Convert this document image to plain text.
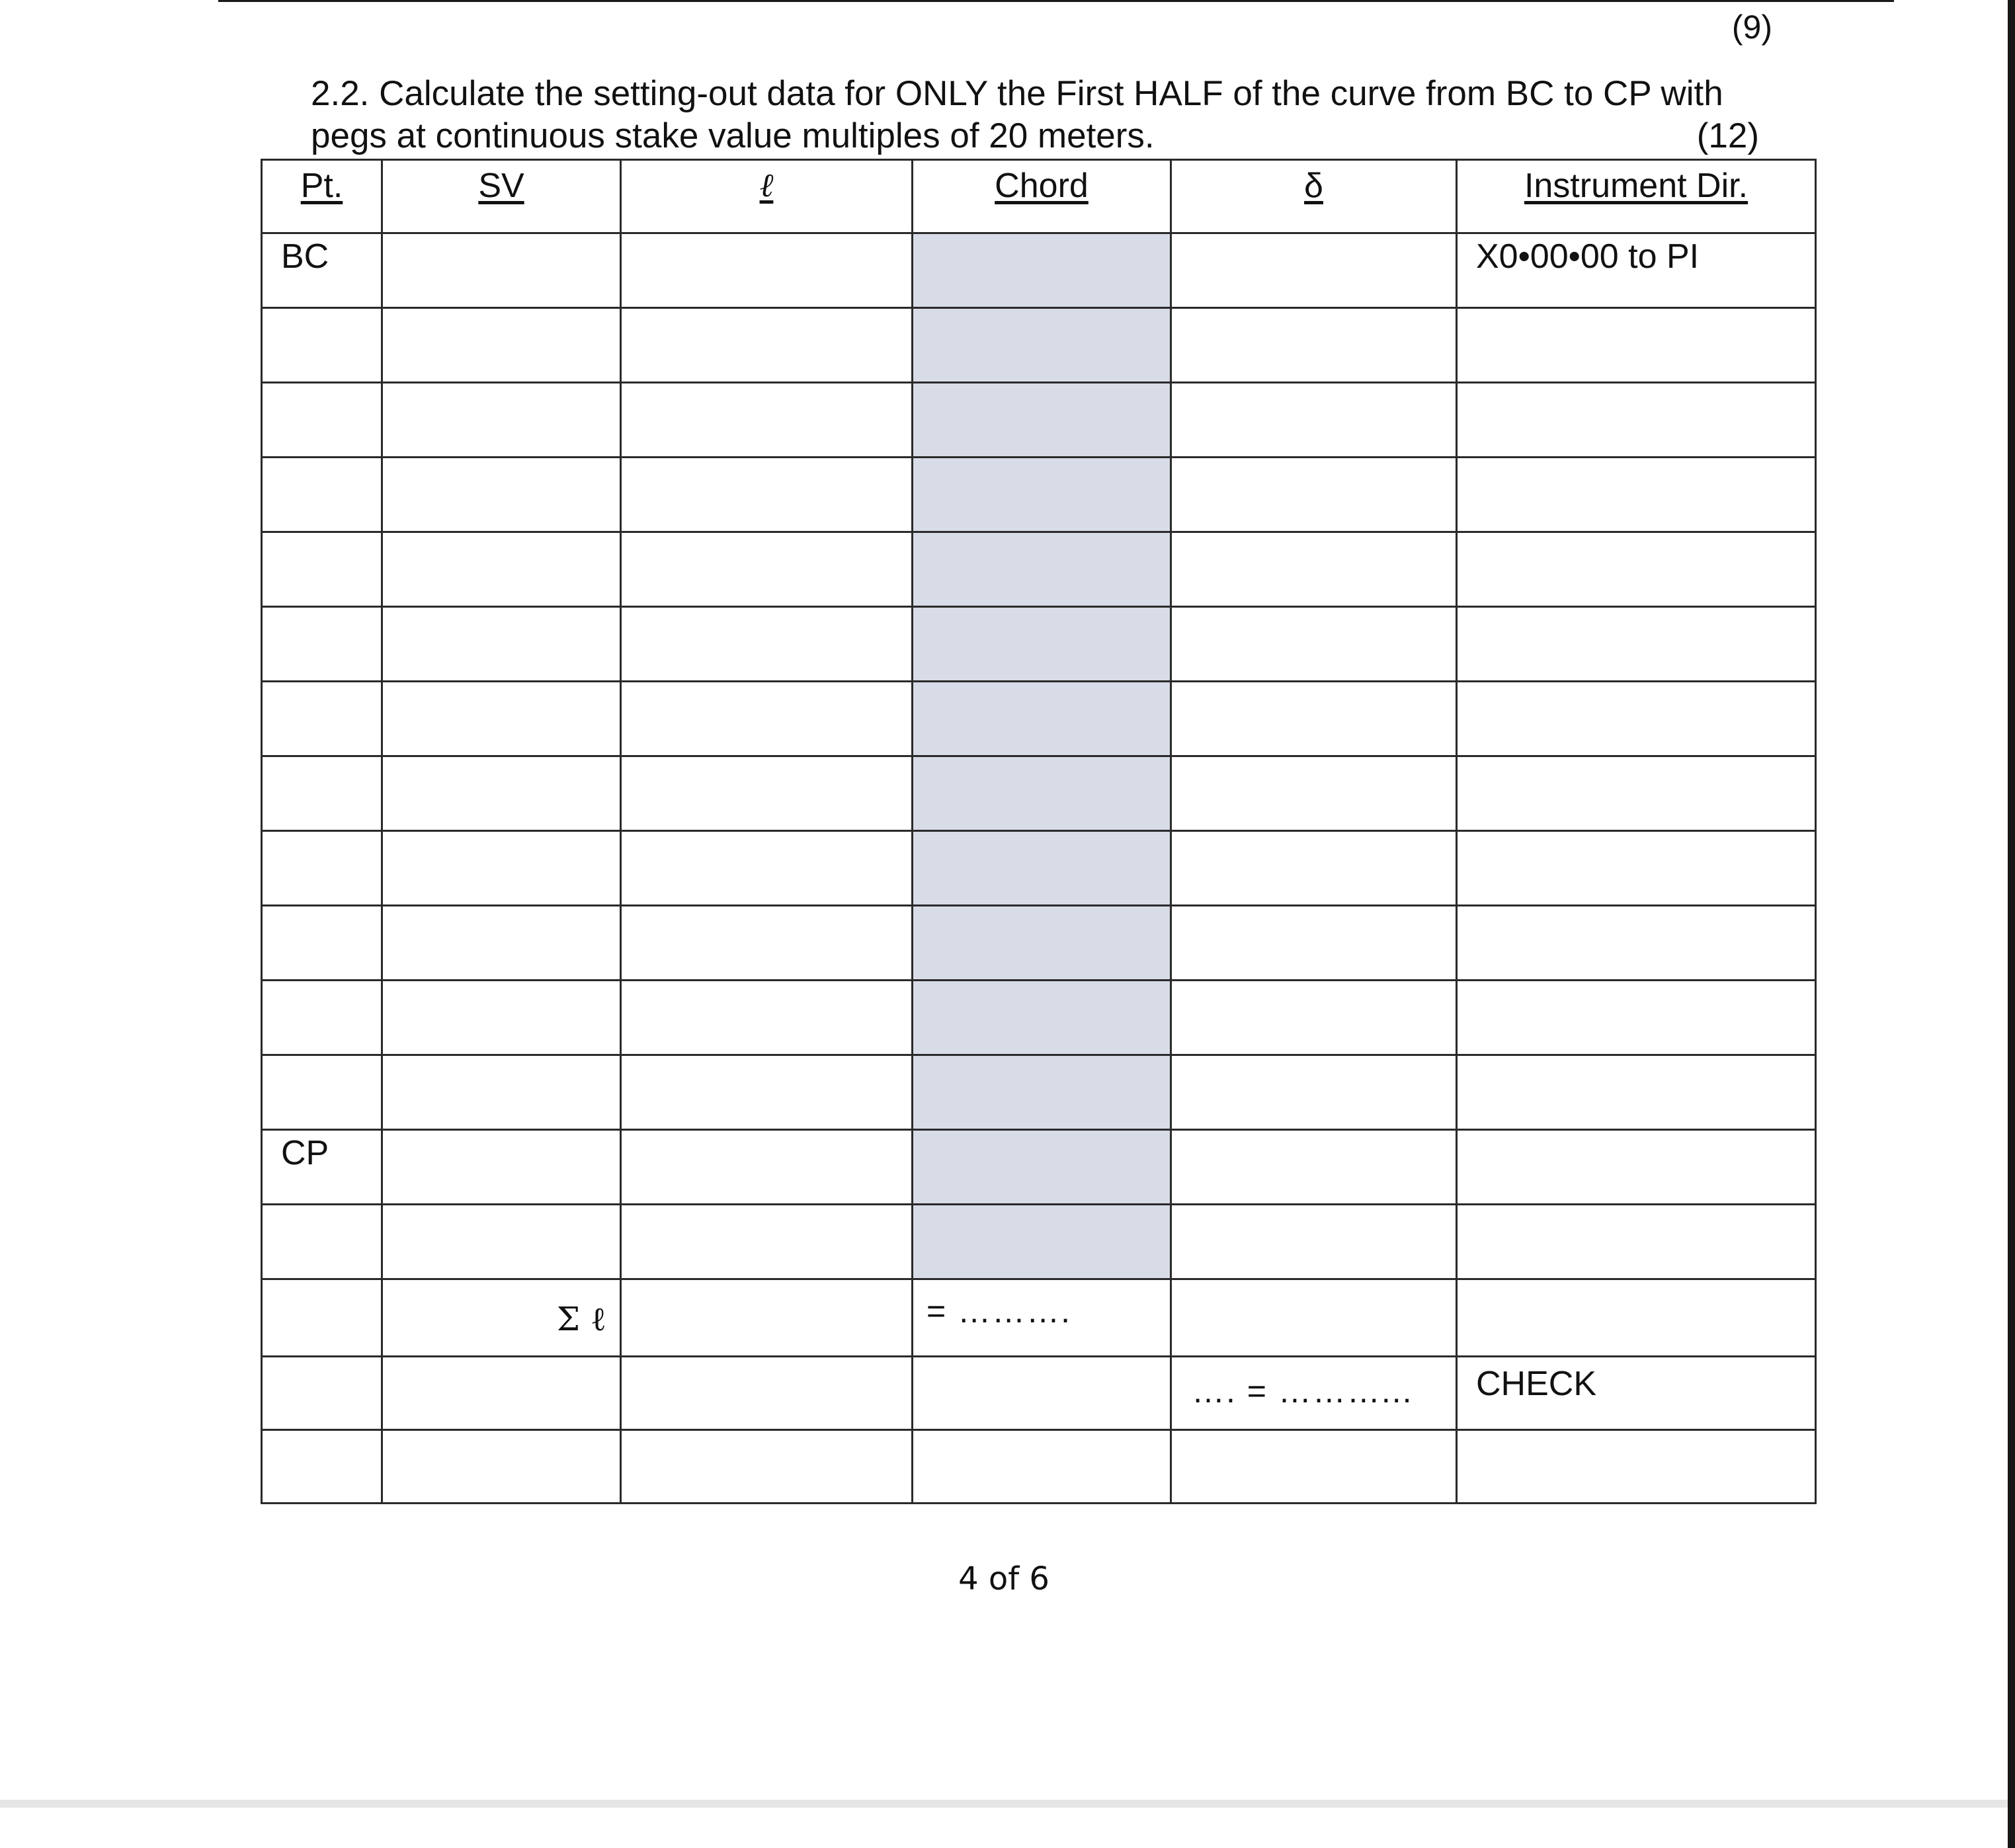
(9)
2.2. Calculate the setting-out data for ONLY the First HALF of the curve from BC to CP with
pegs at continuous stake value multiples of 20 meters.	(12)
Pt.	SV	ℓ	Chord	δ	Instrument Dir.

BC					X0•00•00 to PI

CP					

	Σ ℓ		= ……….		

				…. = ………...	CHECK

4 of 6
